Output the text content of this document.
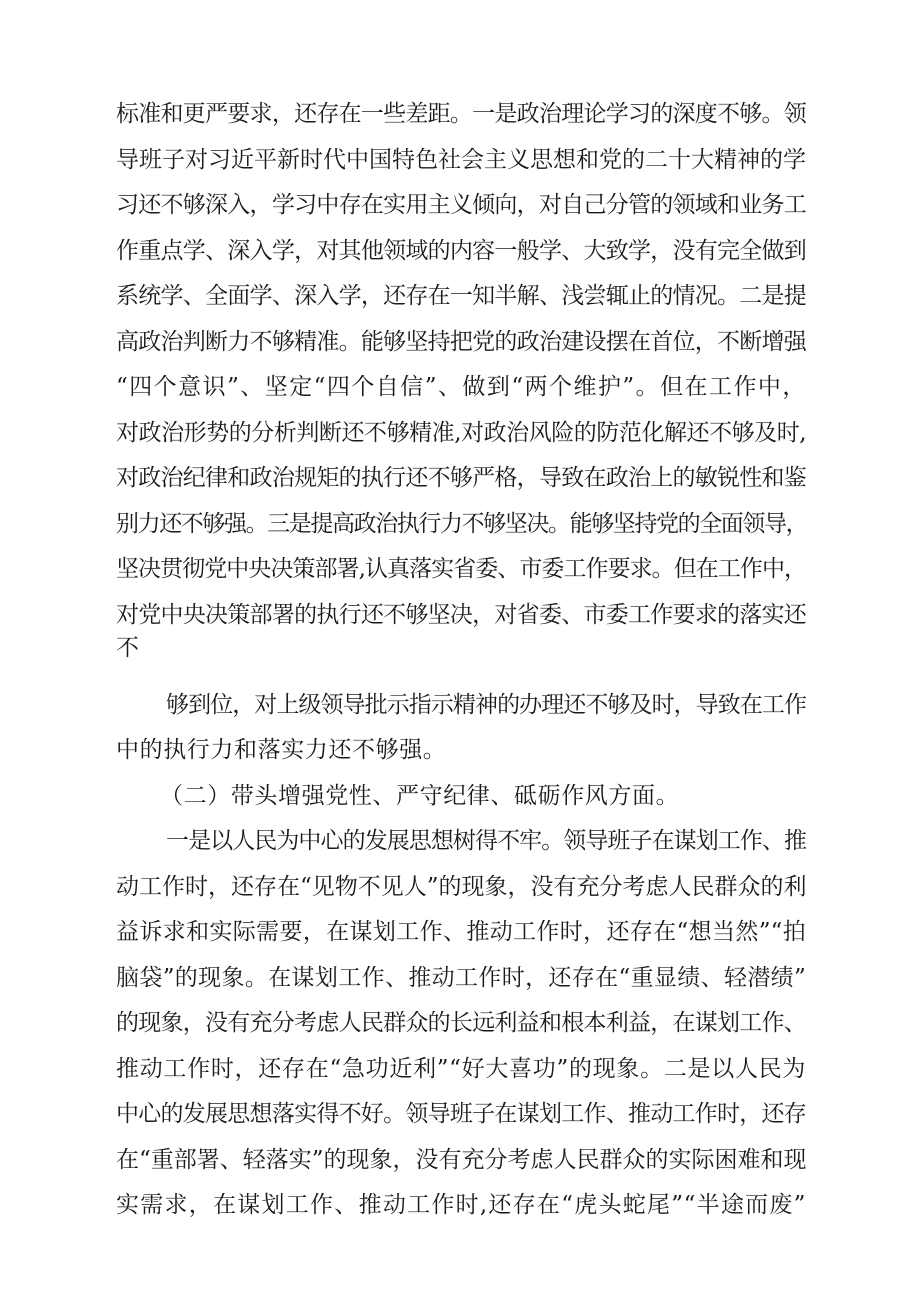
标准和更严要求，还存在一些差距。一是政治理论学习的深度不够。领
导班子对习近平新时代中国特色社会主义思想和党的二十大精神的学
习还不够深入，学习中存在实用主义倾向，对自己分管的领域和业务工
作重点学、深入学，对其他领域的内容一般学、大致学，没有完全做到
系统学、全面学、深入学，还存在一知半解、浅尝辄止的情况。二是提
高政治判断力不够精准。能够坚持把党的政治建设摆在首位，不断增强
“四个意识”、坚定“四个自信”、做到“两个维护”。但在工作中，
对政治形势的分析判断还不够精准,对政治风险的防范化解还不够及时,
对政治纪律和政治规矩的执行还不够严格，导致在政治上的敏锐性和鉴
别力还不够强。三是提高政治执行力不够坚决。能够坚持党的全面领导，
坚决贯彻党中央决策部署,认真落实省委、市委工作要求。但在工作中，
对党中央决策部署的执行还不够坚决，对省委、市委工作要求的落实还
不
够到位，对上级领导批示指示精神的办理还不够及时，导致在工作
中的执行力和落实力还不够强。
（二）带头增强党性、严守纪律、砥砺作风方面。
一是以人民为中心的发展思想树得不牢。领导班子在谋划工作、推
动工作时，还存在“见物不见人”的现象，没有充分考虑人民群众的利
益诉求和实际需要，在谋划工作、推动工作时，还存在“想当然”“拍
脑袋”的现象。在谋划工作、推动工作时，还存在“重显绩、轻潜绩”
的现象，没有充分考虑人民群众的长远利益和根本利益，在谋划工作、
推动工作时，还存在“急功近利”“好大喜功”的现象。二是以人民为
中心的发展思想落实得不好。领导班子在谋划工作、推动工作时，还存
在“重部署、轻落实”的现象，没有充分考虑人民群众的实际困难和现
实需求，在谋划工作、推动工作时,还存在“虎头蛇尾”“半途而废”
